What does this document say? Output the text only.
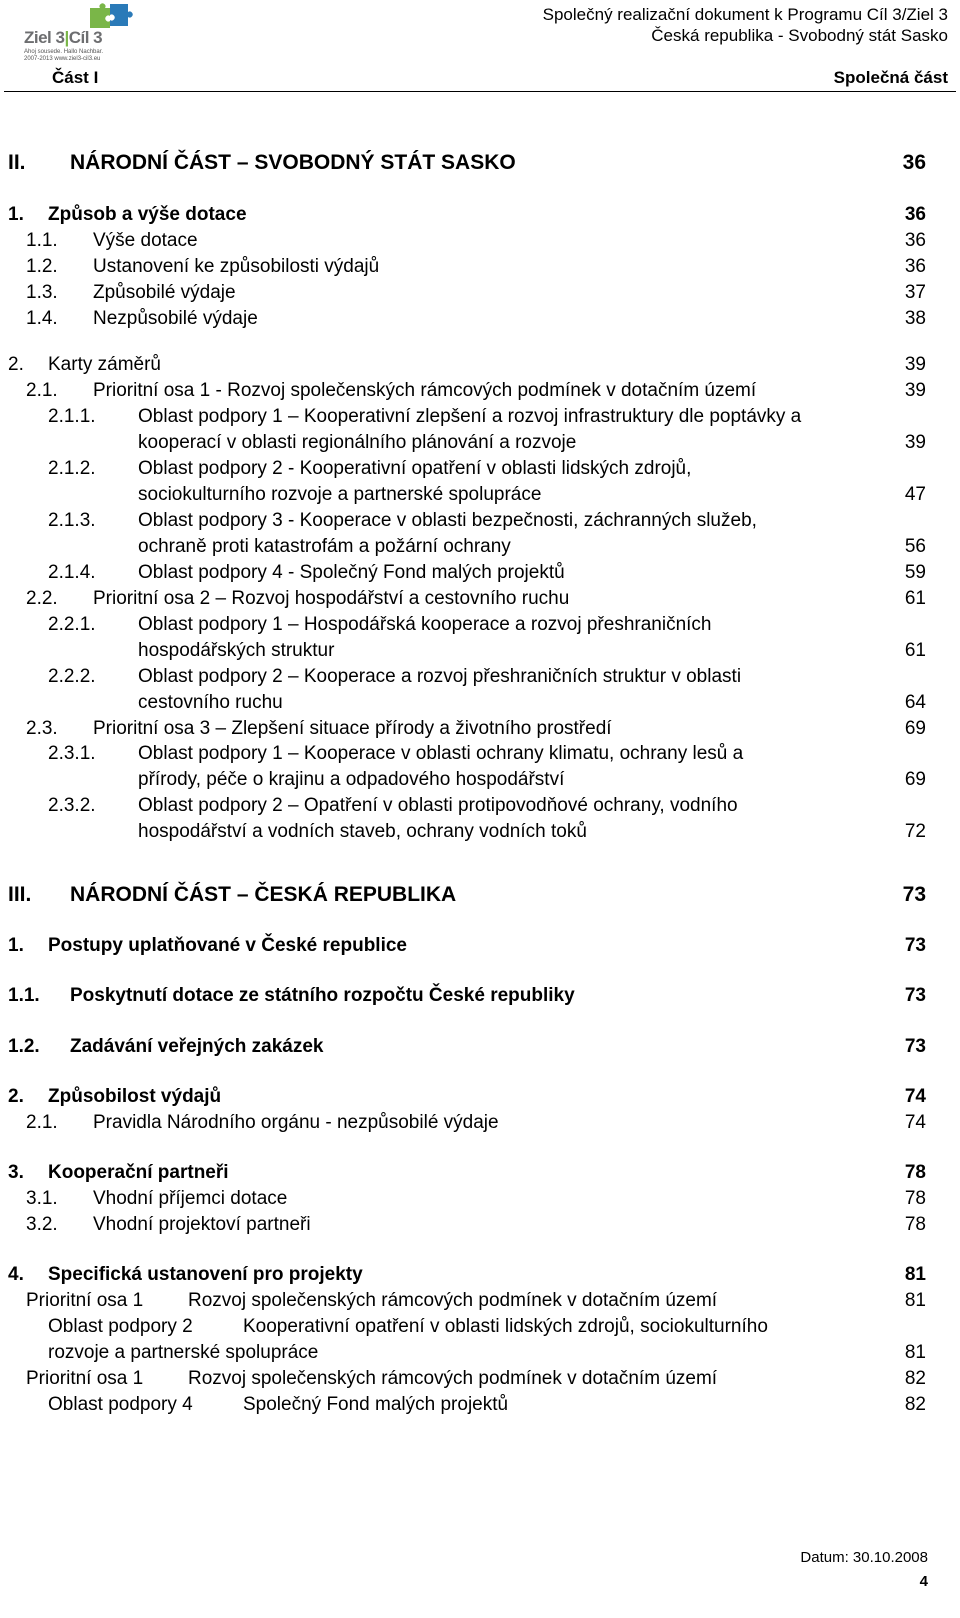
Ziel 3|Cíl 3
Ahoj sousede. Hallo Nachbar.
2007-2013 www.ziel3-cil3.eu
Společný realizační dokument k Programu Cíl 3/Ziel 3
Česká republika - Svobodný stát Sasko
Část I	Společná část
II. NÁRODNÍ ČÁST – SVOBODNÝ STÁT SASKO	36
1. Způsob a výše dotace	36
1.1. Výše dotace	36
1.2. Ustanovení ke způsobilosti výdajů	36
1.3. Způsobilé výdaje	37
1.4. Nezpůsobilé výdaje	38
2. Karty záměrů	39
2.1. Prioritní osa 1 - Rozvoj společenských rámcových podmínek v dotačním území	39
2.1.1. Oblast podpory 1 – Kooperativní zlepšení a rozvoj infrastruktury dle poptávky a
kooperací v oblasti regionálního plánování a rozvoje	39
2.1.2. Oblast podpory 2 - Kooperativní opatření v oblasti lidských zdrojů,
sociokulturního rozvoje a partnerské spolupráce	47
2.1.3. Oblast podpory 3 - Kooperace v oblasti bezpečnosti, záchranných služeb,
ochraně proti katastrofám a požární ochrany	56
2.1.4. Oblast podpory 4 - Společný Fond malých projektů	59
2.2. Prioritní osa 2 – Rozvoj hospodářství a cestovního ruchu	61
2.2.1. Oblast podpory 1 – Hospodářská kooperace a rozvoj přeshraničních
hospodářských struktur	61
2.2.2. Oblast podpory 2 – Kooperace a rozvoj přeshraničních struktur v oblasti
cestovního ruchu	64
2.3. Prioritní osa 3 – Zlepšení situace přírody a životního prostředí	69
2.3.1. Oblast podpory 1 – Kooperace v oblasti ochrany klimatu, ochrany lesů a
přírody, péče o krajinu a odpadového hospodářství	69
2.3.2. Oblast podpory 2 – Opatření v oblasti protipovodňové ochrany, vodního
hospodářství a vodních staveb, ochrany vodních toků	72
III. NÁRODNÍ ČÁST – ČESKÁ REPUBLIKA	73
1. Postupy uplatňované v České republice	73
1.1. Poskytnutí dotace ze státního rozpočtu České republiky	73
1.2. Zadávání veřejných zakázek	73
2. Způsobilost výdajů	74
2.1. Pravidla Národního orgánu - nezpůsobilé výdaje	74
3. Kooperační partneři	78
3.1. Vhodní příjemci dotace	78
3.2. Vhodní projektoví partneři	78
4. Specifická ustanovení pro projekty	81
Prioritní osa 1 Rozvoj společenských rámcových podmínek v dotačním území	81
Oblast podpory 2	Kooperativní opatření v oblasti lidských zdrojů, sociokulturního
rozvoje a partnerské spolupráce	81
Prioritní osa 1 Rozvoj společenských rámcových podmínek v dotačním území	82
Oblast podpory 4	Společný Fond malých projektů	82
Datum: 30.10.2008
4
